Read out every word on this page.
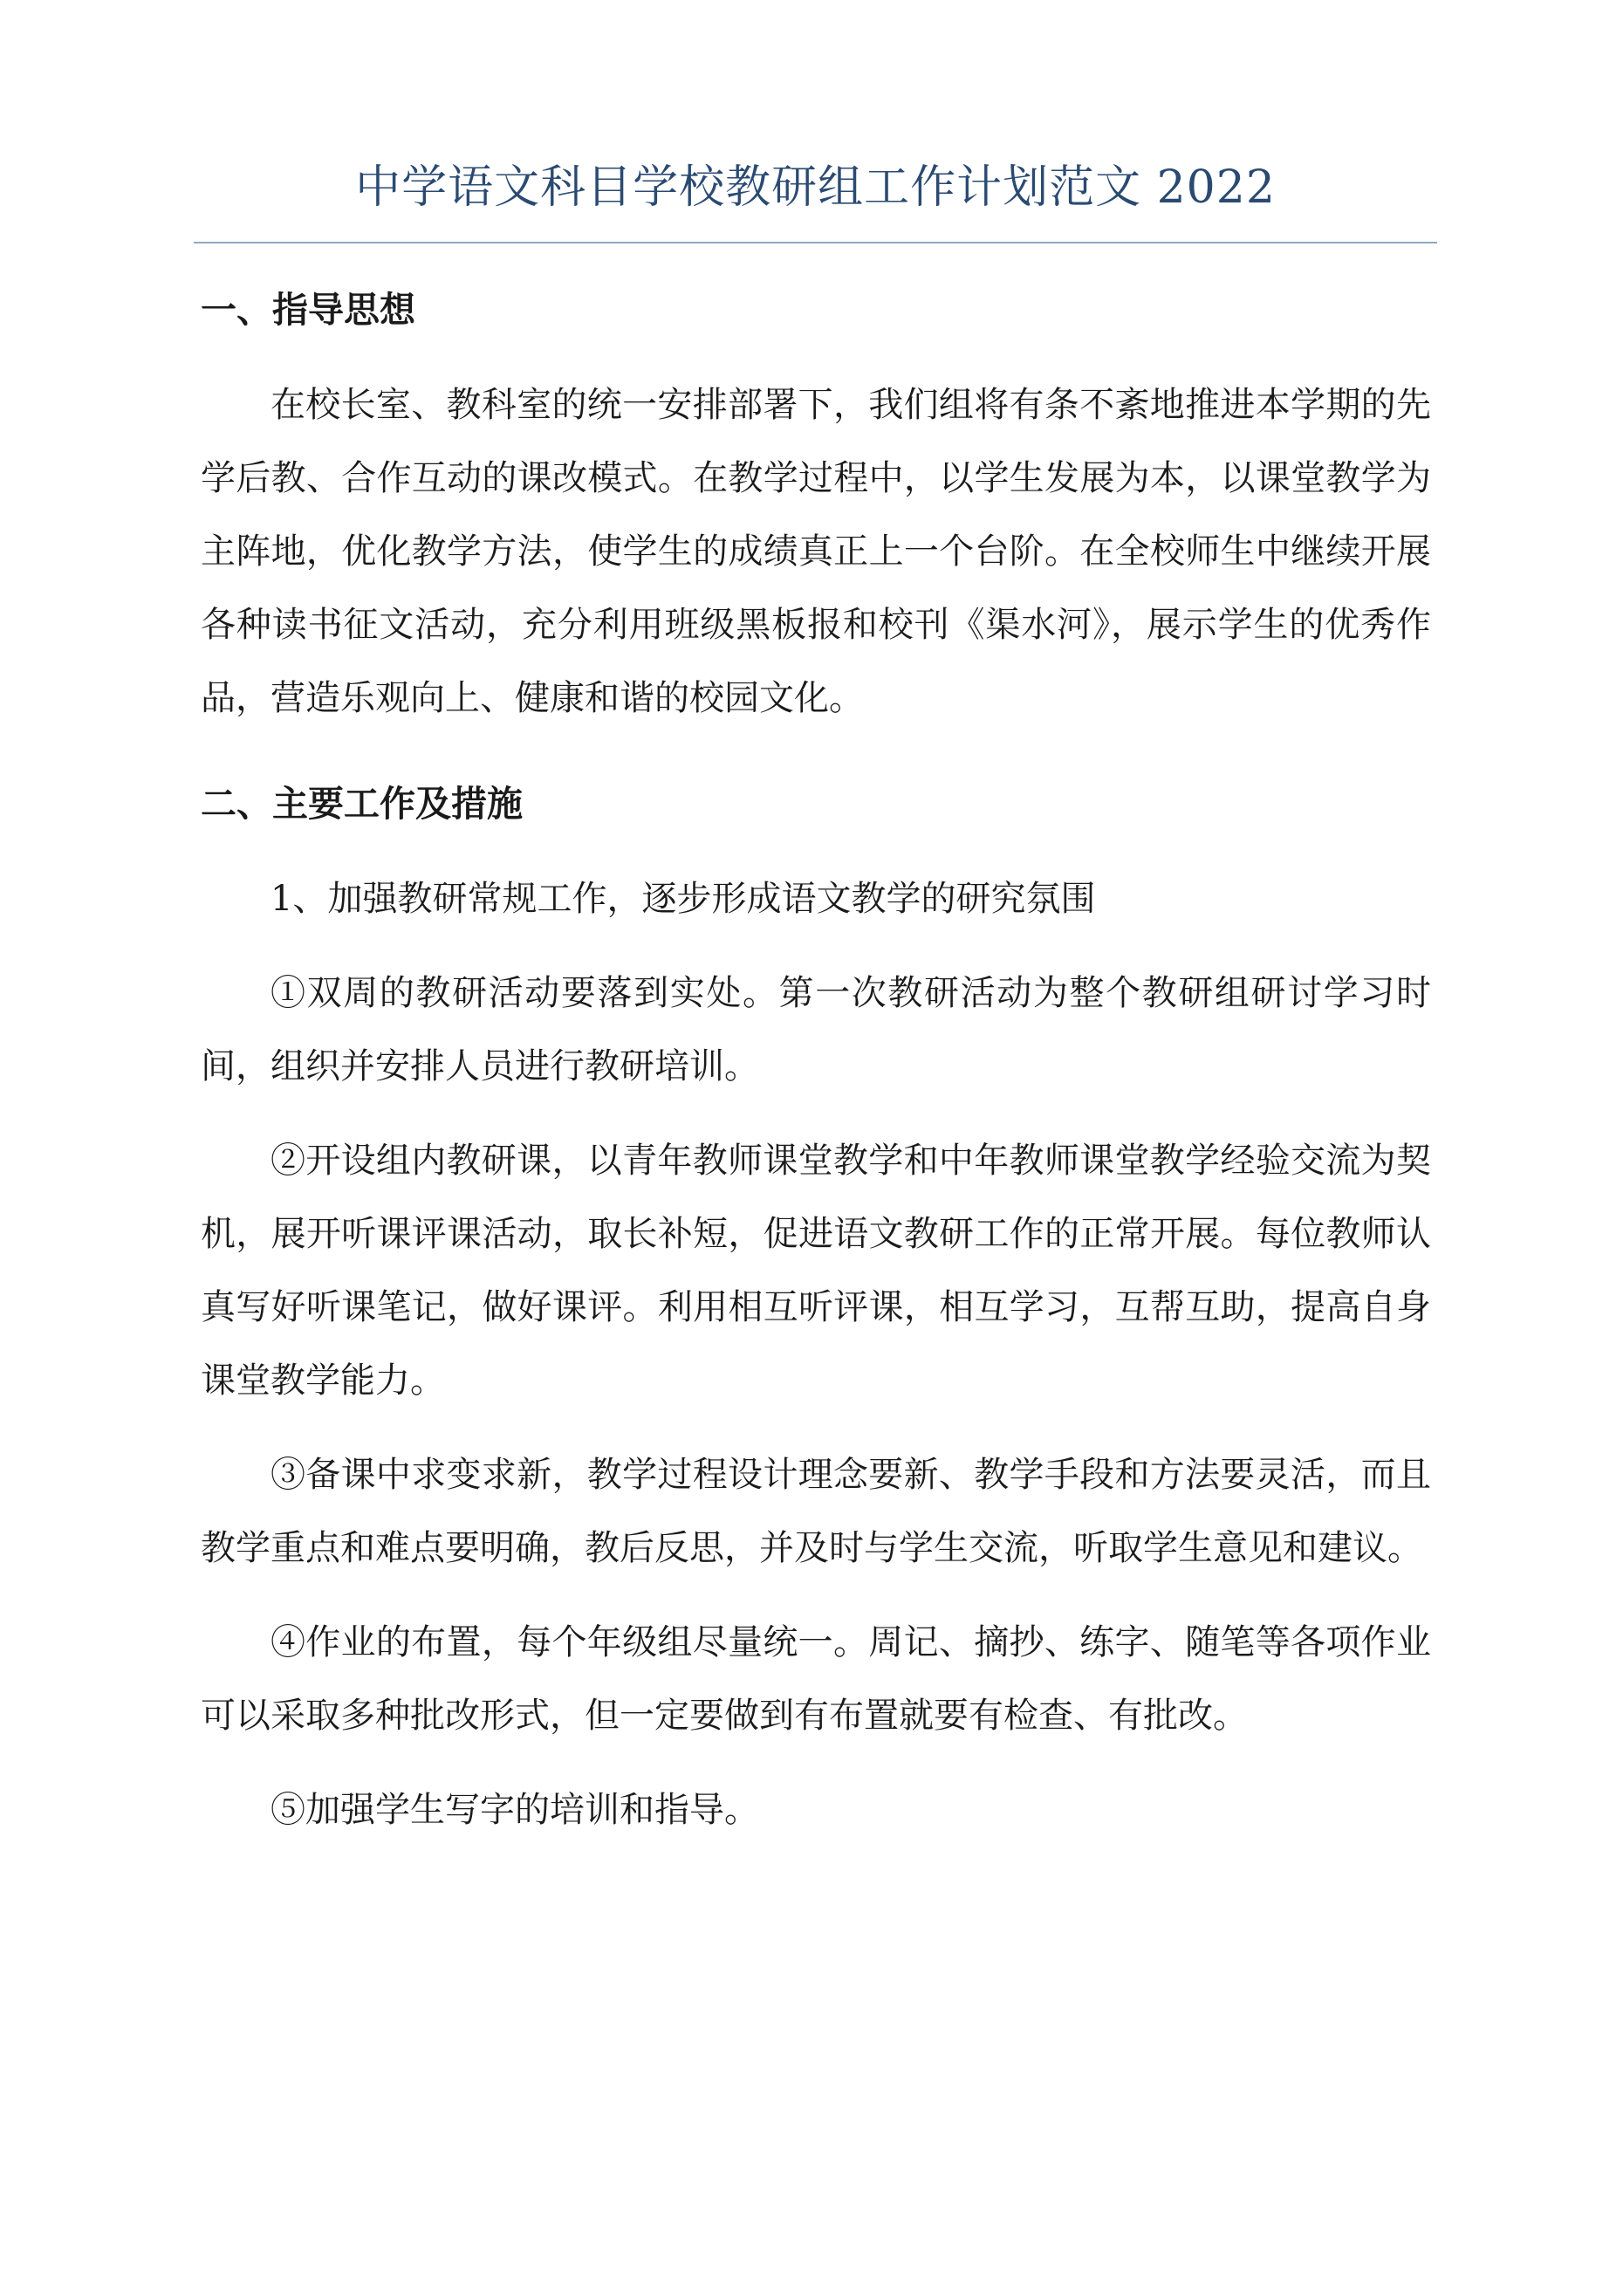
中学语文科目学校教研组工作计划范文 2022
一、指导思想

在校长室、教科室的统一安排部署下，我们组将有条不紊地推进本学期的先学后教、合作互动的课改模式。在教学过程中，以学生发展为本，以课堂教学为主阵地，优化教学方法，使学生的成绩真正上一个台阶。在全校师生中继续开展各种读书征文活动，充分利用班级黑板报和校刊《渠水河》，展示学生的优秀作品，营造乐观向上、健康和谐的校园文化。

二、主要工作及措施

1、加强教研常规工作，逐步形成语文教学的研究氛围

①双周的教研活动要落到实处。第一次教研活动为整个教研组研讨学习时间，组织并安排人员进行教研培训。

②开设组内教研课，以青年教师课堂教学和中年教师课堂教学经验交流为契机，展开听课评课活动，取长补短，促进语文教研工作的正常开展。每位教师认真写好听课笔记，做好课评。利用相互听评课，相互学习，互帮互助，提高自身课堂教学能力。

③备课中求变求新，教学过程设计理念要新、教学手段和方法要灵活，而且教学重点和难点要明确，教后反思，并及时与学生交流，听取学生意见和建议。

④作业的布置，每个年级组尽量统一。周记、摘抄、练字、随笔等各项作业可以采取多种批改形式，但一定要做到有布置就要有检查、有批改。

⑤加强学生写字的培训和指导。
